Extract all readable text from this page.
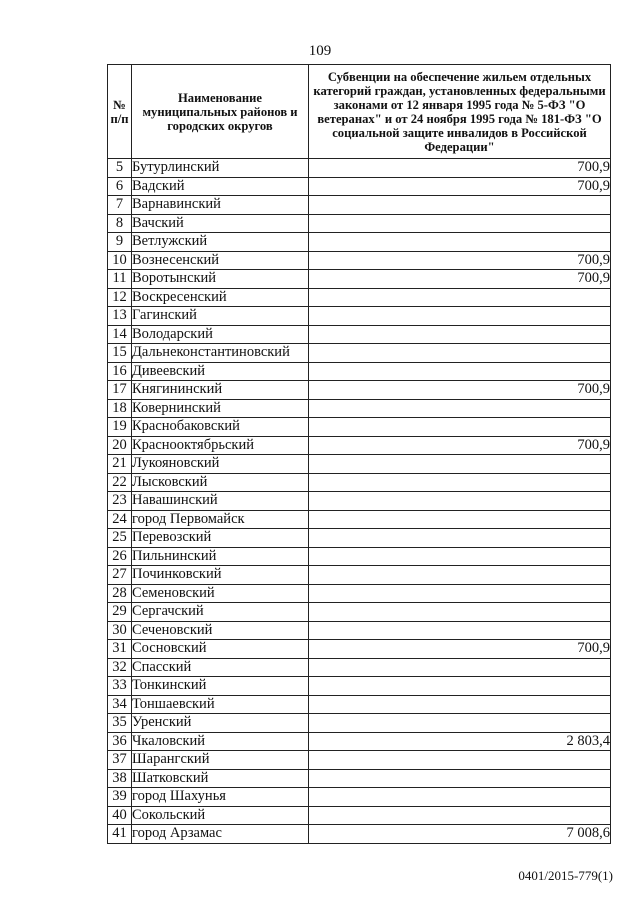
109
№ п/п	Наименование муниципальных районов и городских округов	Субвенции на обеспечение жильем отдельных категорий граждан, установленных федеральными законами от 12 января 1995 года № 5-ФЗ "О ветеранах" и от 24 ноября 1995 года № 181-ФЗ "О социальной защите инвалидов в Российской Федерации"
5	Бутурлинский	700,9
6	Вадский	700,9
7	Варнавинский	
8	Вачский	
9	Ветлужский	
10	Вознесенский	700,9
11	Воротынский	700,9
12	Воскресенский	
13	Гагинский	
14	Володарский	
15	Дальнеконстантиновский	
16	Дивеевский	
17	Княгининский	700,9
18	Ковернинский	
19	Краснобаковский	
20	Краснооктябрьский	700,9
21	Лукояновский	
22	Лысковский	
23	Навашинский	
24	город Первомайск	
25	Перевозский	
26	Пильнинский	
27	Починковский	
28	Семеновский	
29	Сергачский	
30	Сеченовский	
31	Сосновский	700,9
32	Спасский	
33	Тонкинский	
34	Тоншаевский	
35	Уренский	
36	Чкаловский	2 803,4
37	Шарангский	
38	Шатковский	
39	город Шахунья	
40	Сокольский	
41	город Арзамас	7 008,6
0401/2015-779(1)
